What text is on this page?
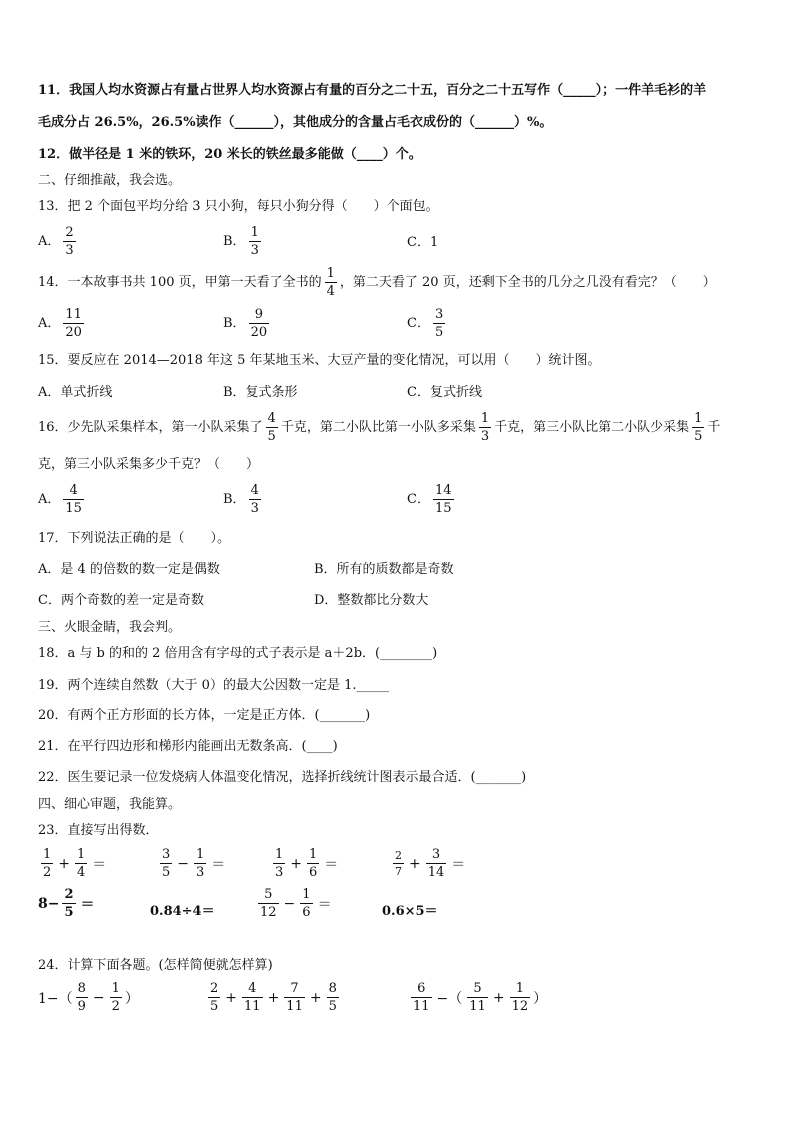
11．我国人均水资源占有量占世界人均水资源占有量的百分之二十五，百分之二十五写作（_____）；一件羊毛衫的羊
毛成分占 26.5%，26.5%读作（______），其他成分的含量占毛衣成份的（______）%。
12．做半径是 1 米的铁环，20 米长的铁丝最多能做（____）个。
二、仔细推敲，我会选。
13．把 2 个面包平均分给 3 只小狗，每只小狗分得（　　）个面包。
A． $\frac{2}{3}$	B． $\frac{1}{3}$	C．1
14．一本故事书共 100 页，甲第一天看了全书的 $\frac{1}{4}$ ，第二天看了 20 页，还剩下全书的几分之几没有看完？（　　）
A． $\frac{11}{20}$	B． $\frac{9}{20}$	C． $\frac{3}{5}$
15．要反应在 2014—2018 年这 5 年某地玉米、大豆产量的变化情况，可以用（　　）统计图。
A．单式折线	B．复式条形	C．复式折线
16．少先队采集样本，第一小队采集了 $\frac{4}{5}$ 千克，第二小队比第一小队多采集 $\frac{1}{3}$ 千克，第三小队比第二小队少采集 $\frac{1}{5}$ 千
克，第三小队采集多少千克？（　　）
A． $\frac{4}{15}$	B． $\frac{4}{3}$	C． $\frac{14}{15}$
17．下列说法正确的是（　　）。
A．是 4 的倍数的数一定是偶数	B．所有的质数都是奇数
C．两个奇数的差一定是奇数	D．整数都比分数大
三、火眼金睛，我会判。
18．a 与 b 的和的 2 倍用含有字母的式子表示是 a＋2b．(________)
19．两个连续自然数（大于 0）的最大公因数一定是 1._____
20．有两个正方形面的长方体，一定是正方体．(_______)
21．在平行四边形和梯形内能画出无数条高．(____)
22．医生要记录一位发烧病人体温变化情况，选择折线统计图表示最合适．(_______)
四、细心审题，我能算。
23．直接写出得数．
$\frac{1}{2} + \frac{1}{4}$ ＝	$\frac{3}{5} - \frac{1}{3}$ ＝	$\frac{1}{3} + \frac{1}{6}$ ＝	$\frac{2}{7} + \frac{3}{14}$ ＝
$8- \frac{2}{5}$ ＝	0.84÷4＝	$\frac{5}{12} - \frac{1}{6}$ ＝	0.6×5＝
24．计算下面各题。(怎样简便就怎样算)
$1-( \frac{8}{9} - \frac{1}{2}$ ）	$\frac{2}{5} + \frac{4}{11} + \frac{7}{11} + \frac{8}{5}$	$\frac{6}{11}$ −（ $\frac{5}{11} + \frac{1}{12}$ ）
